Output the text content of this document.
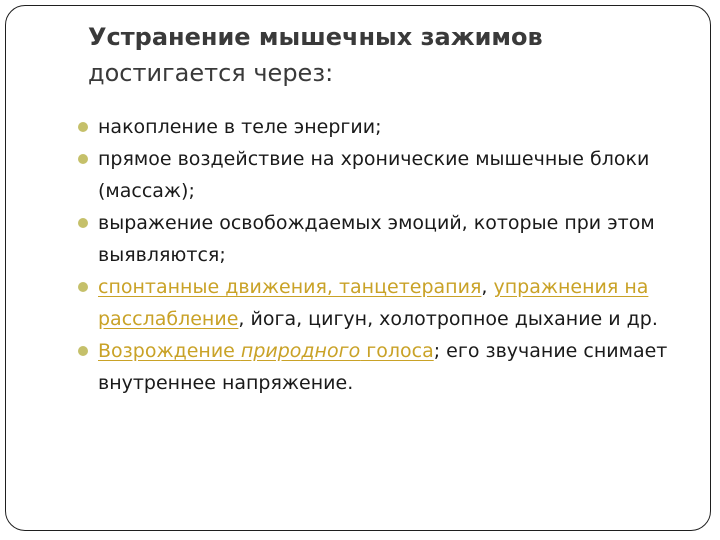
Устранение мышечных зажимов
достигается через:
накопление в теле энергии;
прямое воздействие на хронические мышечные блоки (массаж);
выражение освобождаемых эмоций, которые при этом выявляются;
спонтанные движения, танцетерапия, упражнения на расслабление, йога, цигун, холотропное дыхание и др.
Возрождение природного голоса; его звучание снимает внутреннее напряжение.
